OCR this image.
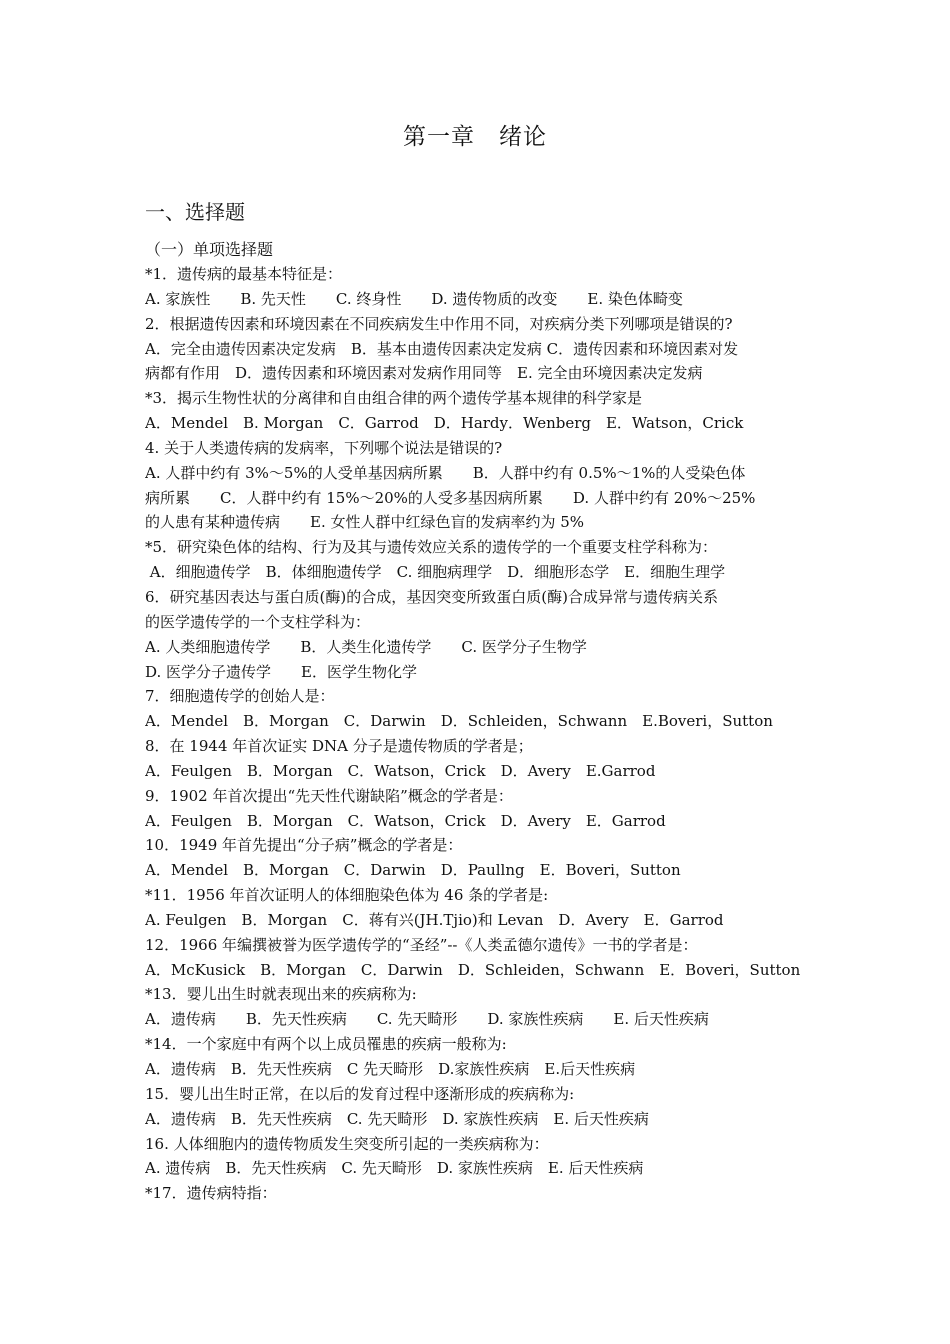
第一章　绪论
一、选择题
（一）单项选择题
*1．遗传病的最基本特征是：
A. 家族性　　B. 先天性　　C. 终身性　　D. 遗传物质的改变　　E. 染色体畸变
2．根据遗传因素和环境因素在不同疾病发生中作用不同，对疾病分类下列哪项是错误的?
A．完全由遗传因素决定发病　B．基本由遗传因素决定发病 C．遗传因素和环境因素对发
病都有作用　D．遗传因素和环境因素对发病作用同等　E. 完全由环境因素决定发病
*3．揭示生物性状的分离律和自由组合律的两个遗传学基本规律的科学家是
A．Mendel　B. Morgan　C．Garrod　D．Hardy．Wenberg　E．Watson，Crick
4. 关于人类遗传病的发病率，下列哪个说法是错误的?
A. 人群中约有 3%～5%的人受单基因病所累　　B．人群中约有 0.5%～1%的人受染色体
病所累　　C．人群中约有 15%～20%的人受多基因病所累　　D. 人群中约有 20%～25%
的人患有某种遗传病　　E. 女性人群中红绿色盲的发病率约为 5%
*5．研究染色体的结构、行为及其与遗传效应关系的遗传学的一个重要支柱学科称为：
A．细胞遗传学　B．体细胞遗传学　C. 细胞病理学　D．细胞形态学　E．细胞生理学
6．研究基因表达与蛋白质(酶)的合成，基因突变所致蛋白质(酶)合成异常与遗传病关系
的医学遗传学的一个支柱学科为：
A. 人类细胞遗传学　　B．人类生化遗传学　　C. 医学分子生物学
D. 医学分子遗传学　　E．医学生物化学
7．细胞遗传学的创始人是：
A．Mendel　B．Morgan　C．Darwin　D．Schleiden，Schwann　E.Boveri，Sutton
8．在 1944 年首次证实 DNA 分子是遗传物质的学者是；
A．Feulgen　B．Morgan　C．Watson，Crick　D．Avery　E.Garrod
9．1902 年首次提出“先天性代谢缺陷”概念的学者是：
A．Feulgen　B．Morgan　C．Watson，Crick　D．Avery　E．Garrod
10．1949 年首先提出“分子病”概念的学者是：
A．Mendel　B．Morgan　C．Darwin　D．Paullng　E．Boveri，Sutton
*11．1956 年首次证明人的体细胞染色体为 46 条的学者是:
A. Feulgen　B．Morgan　C．蒋有兴(JH.Tjio)和 Levan　D．Avery　E．Garrod
12．1966 年编撰被誉为医学遗传学的“圣经”--《人类孟德尔遗传》一书的学者是：
A．McKusick　B．Morgan　C．Darwin　D．Schleiden，Schwann　E．Boveri，Sutton
*13．婴儿出生时就表现出来的疾病称为:
A．遗传病　　B．先天性疾病　　C. 先天畸形　　D. 家族性疾病　　E. 后天性疾病
*14．一个家庭中有两个以上成员罹患的疾病一般称为:
A．遗传病　B．先天性疾病　C 先天畸形　D.家族性疾病　E.后天性疾病
15．婴儿出生时正常，在以后的发育过程中逐渐形成的疾病称为:
A．遗传病　B．先天性疾病　C. 先天畸形　D. 家族性疾病　E. 后天性疾病
16. 人体细胞内的遗传物质发生突变所引起的一类疾病称为：
A. 遗传病　B．先天性疾病　C. 先天畸形　D. 家族性疾病　E. 后天性疾病
*17．遗传病特指：
